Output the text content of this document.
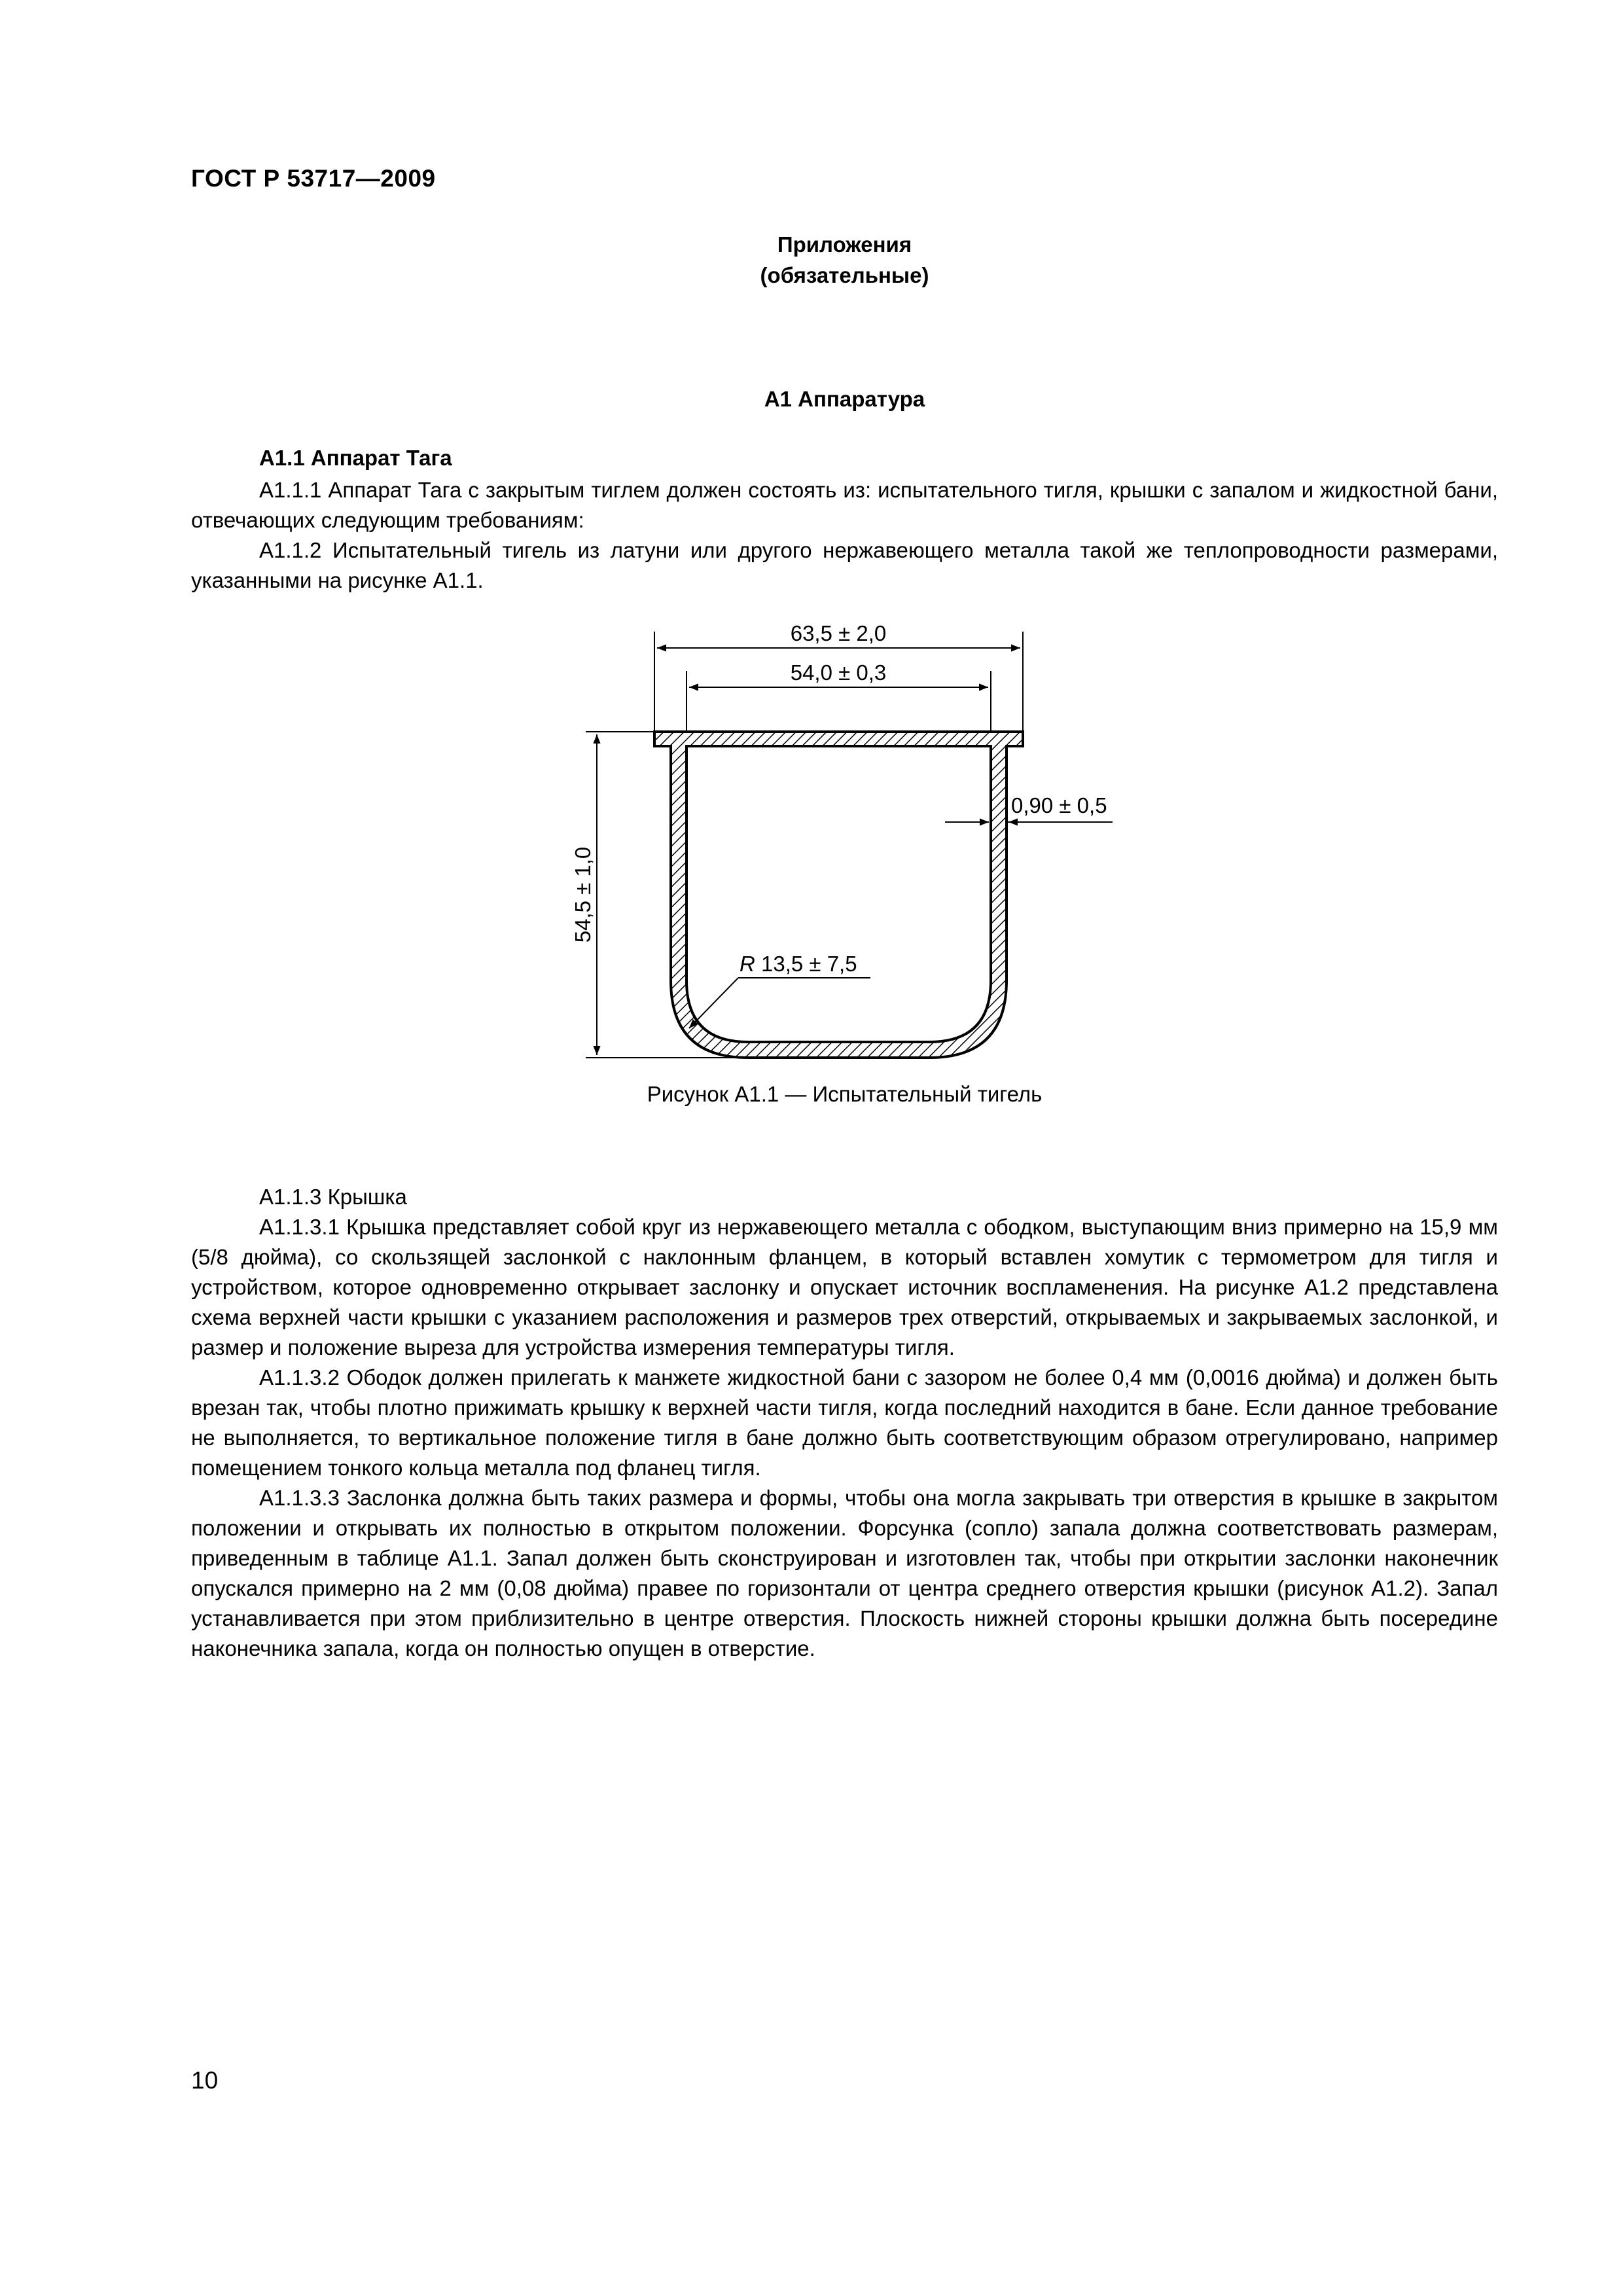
ГОСТ Р 53717—2009
Приложения
(обязательные)
А1 Аппаратура
А1.1 Аппарат Тага

А1.1.1 Аппарат Тага с закрытым тиглем должен состоять из: испытательного тигля, крышки с запалом и жидкостной бани, отвечающих следующим требованиям:

А1.1.2 Испытательный тигель из латуни или другого нержавеющего металла такой же теплопроводности размерами, указанными на рисунке А1.1.

63,5 ± 2,0
54,0 ± 0,3
54,5 ± 1,0
0,90 ± 0,5
R 13,5 ± 7,5
Рисунок А1.1 — Испытательный тигель

А1.1.3 Крышка

А1.1.3.1 Крышка представляет собой круг из нержавеющего металла с ободком, выступающим вниз примерно на 15,9 мм (5/8 дюйма), со скользящей заслонкой с наклонным фланцем, в который вставлен хомутик с термометром для тигля и устройством, которое одновременно открывает заслонку и опускает источник воспламенения. На рисунке А1.2 представлена схема верхней части крышки с указанием расположения и размеров трех отверстий, открываемых и закрываемых заслонкой, и размер и положение выреза для устройства измерения температуры тигля.

А1.1.3.2 Ободок должен прилегать к манжете жидкостной бани с зазором не более 0,4 мм (0,0016 дюйма) и должен быть врезан так, чтобы плотно прижимать крышку к верхней части тигля, когда последний находится в бане. Если данное требование не выполняется, то вертикальное положение тигля в бане должно быть соответствующим образом отрегулировано, например помещением тонкого кольца металла под фланец тигля.

А1.1.3.3 Заслонка должна быть таких размера и формы, чтобы она могла закрывать три отверстия в крышке в закрытом положении и открывать их полностью в открытом положении. Форсунка (сопло) запала должна соответствовать размерам, приведенным в таблице А1.1. Запал должен быть сконструирован и изготовлен так, чтобы при открытии заслонки наконечник опускался примерно на 2 мм (0,08 дюйма) правее по горизонтали от центра среднего отверстия крышки (рисунок А1.2). Запал устанавливается при этом приблизительно в центре отверстия. Плоскость нижней стороны крышки должна быть посередине наконечника запала, когда он полностью опущен в отверстие.

10
